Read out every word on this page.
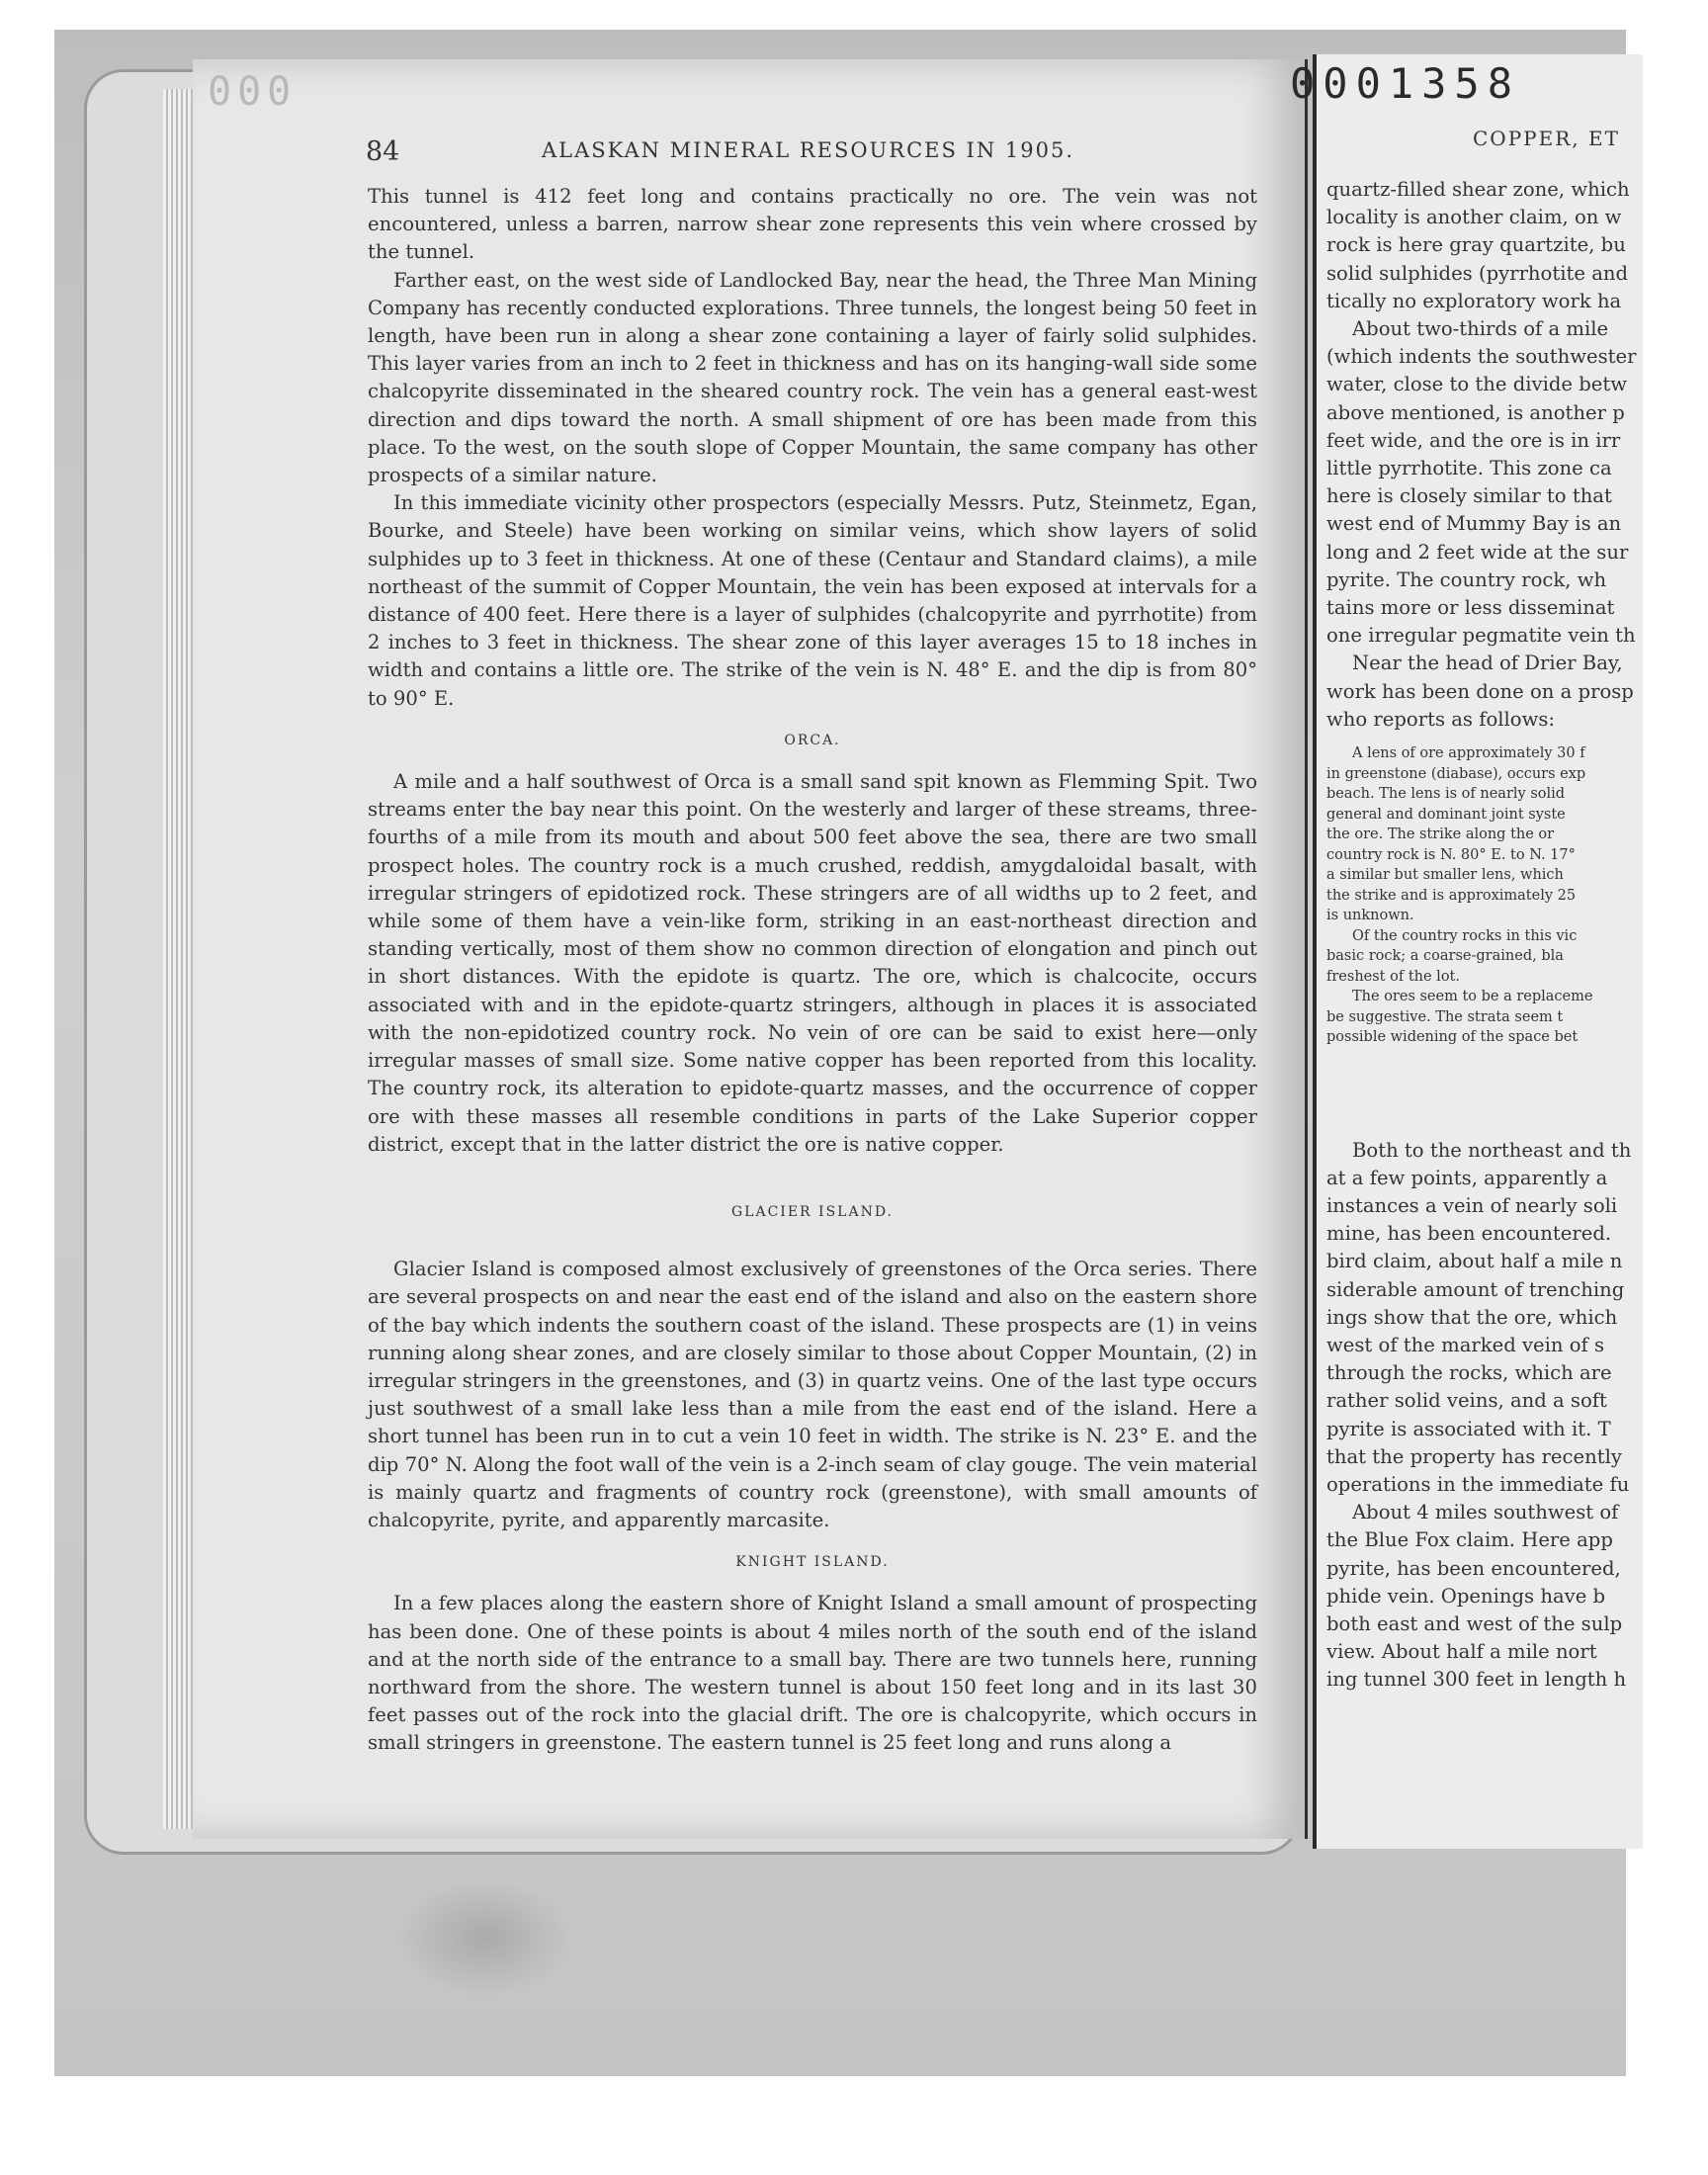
000	0001358
84	ALASKAN MINERAL RESOURCES IN 1905.

This tunnel is 412 feet long and contains practically no ore. The vein was not encountered, unless a barren, narrow shear zone represents this vein where crossed by the tunnel.

Farther east, on the west side of Landlocked Bay, near the head, the Three Man Mining Company has recently conducted explorations. Three tunnels, the longest being 50 feet in length, have been run in along a shear zone containing a layer of fairly solid sulphides. This layer varies from an inch to 2 feet in thickness and has on its hanging-wall side some chalcopyrite disseminated in the sheared country rock. The vein has a general east-west direction and dips toward the north. A small shipment of ore has been made from this place. To the west, on the south slope of Copper Mountain, the same company has other prospects of a similar nature.

In this immediate vicinity other prospectors (especially Messrs. Putz, Steinmetz, Egan, Bourke, and Steele) have been working on similar veins, which show layers of solid sulphides up to 3 feet in thickness. At one of these (Centaur and Standard claims), a mile northeast of the summit of Copper Mountain, the vein has been exposed at intervals for a distance of 400 feet. Here there is a layer of sulphides (chalcopyrite and pyrrhotite) from 2 inches to 3 feet in thickness. The shear zone of this layer averages 15 to 18 inches in width and contains a little ore. The strike of the vein is N. 48° E. and the dip is from 80° to 90° E.

ORCA.

A mile and a half southwest of Orca is a small sand spit known as Flemming Spit. Two streams enter the bay near this point. On the westerly and larger of these streams, three-fourths of a mile from its mouth and about 500 feet above the sea, there are two small prospect holes. The country rock is a much crushed, reddish, amygdaloidal basalt, with irregular stringers of epidotized rock. These stringers are of all widths up to 2 feet, and while some of them have a vein-like form, striking in an east-northeast direction and standing vertically, most of them show no common direction of elongation and pinch out in short distances. With the epidote is quartz. The ore, which is chalcocite, occurs associated with and in the epidote-quartz stringers, although in places it is associated with the non-epidotized country rock. No vein of ore can be said to exist here—only irregular masses of small size. Some native copper has been reported from this locality. The country rock, its alteration to epidote-quartz masses, and the occurrence of copper ore with these masses all resemble conditions in parts of the Lake Superior copper district, except that in the latter district the ore is native copper.

GLACIER ISLAND.

Glacier Island is composed almost exclusively of greenstones of the Orca series. There are several prospects on and near the east end of the island and also on the eastern shore of the bay which indents the southern coast of the island. These prospects are (1) in veins running along shear zones, and are closely similar to those about Copper Mountain, (2) in irregular stringers in the greenstones, and (3) in quartz veins. One of the last type occurs just southwest of a small lake less than a mile from the east end of the island. Here a short tunnel has been run in to cut a vein 10 feet in width. The strike is N. 23° E. and the dip 70° N. Along the foot wall of the vein is a 2-inch seam of clay gouge. The vein material is mainly quartz and fragments of country rock (greenstone), with small amounts of chalcopyrite, pyrite, and apparently marcasite.

KNIGHT ISLAND.

In a few places along the eastern shore of Knight Island a small amount of prospecting has been done. One of these points is about 4 miles north of the south end of the island and at the north side of the entrance to a small bay. There are two tunnels here, running northward from the shore. The western tunnel is about 150 feet long and in its last 30 feet passes out of the rock into the glacial drift. The ore is chalcopyrite, which occurs in small stringers in greenstone. The eastern tunnel is 25 feet long and runs along a

COPPER, ET
quartz-filled shear zone, which
locality is another claim, on w
rock is here gray quartzite, bu
solid sulphides (pyrrhotite and
tically no exploratory work ha
About two-thirds of a mile
(which indents the southwester
water, close to the divide betw
above mentioned, is another p
feet wide, and the ore is in irr
little pyrrhotite. This zone ca
here is closely similar to that
west end of Mummy Bay is an
long and 2 feet wide at the sur
pyrite. The country rock, wh
tains more or less disseminat
one irregular pegmatite vein th
Near the head of Drier Bay,
work has been done on a prosp
who reports as follows:
A lens of ore approximately 30 f
in greenstone (diabase), occurs exp
beach. The lens is of nearly solid
general and dominant joint syste
the ore. The strike along the or
country rock is N. 80° E. to N. 17°
a similar but smaller lens, which
the strike and is approximately 25
is unknown.
Of the country rocks in this vic
basic rock; a coarse-grained, bla
freshest of the lot.
The ores seem to be a replaceme
be suggestive. The strata seem t
possible widening of the space bet
Both to the northeast and th
at a few points, apparently a
instances a vein of nearly soli
mine, has been encountered.
bird claim, about half a mile n
siderable amount of trenching
ings show that the ore, which
west of the marked vein of s
through the rocks, which are
rather solid veins, and a soft
pyrite is associated with it. T
that the property has recently
operations in the immediate fu
About 4 miles southwest of
the Blue Fox claim. Here app
pyrite, has been encountered,
phide vein. Openings have b
both east and west of the sulp
view. About half a mile nort
ing tunnel 300 feet in length h
